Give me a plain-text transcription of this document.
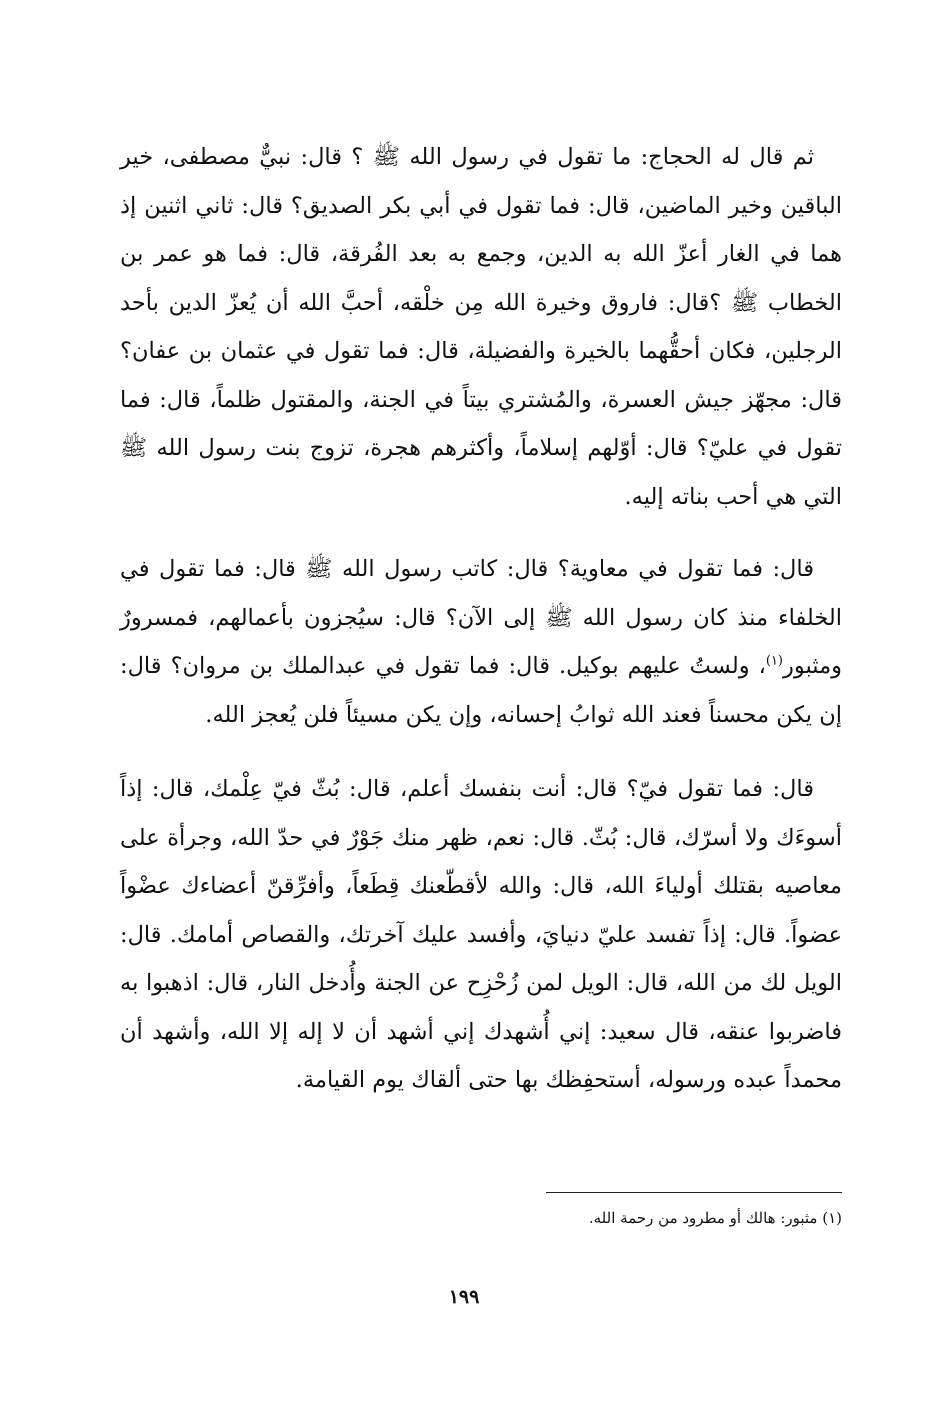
ثم قال له الحجاج: ما تقول في رسول الله ﷺ ؟ قال: نبيٌّ مصطفى، خير الباقين وخير الماضين، قال: فما تقول في أبي بكر الصديق؟ قال: ثاني اثنين إذ هما في الغار أعزّ الله به الدين، وجمع به بعد الفُرقة، قال: فما هو عمر بن الخطاب ﷺ ؟قال: فاروق وخيرة الله مِن خلْقه، أحبَّ الله أن يُعزّ الدين بأحد الرجلين، فكان أحقُّهما بالخيرة والفضيلة، قال: فما تقول في عثمان بن عفان؟ قال: مجهّز جيش العسرة، والمُشتري بيتاً في الجنة، والمقتول ظلماً، قال: فما تقول في عليّ؟ قال: أوّلهم إسلاماً، وأكثرهم هجرة، تزوج بنت رسول الله ﷺ التي هي أحب بناته إليه.

قال: فما تقول في معاوية؟ قال: كاتب رسول الله ﷺ قال: فما تقول في الخلفاء منذ كان رسول الله ﷺ إلى الآن؟ قال: سيُجزون بأعمالهم، فمسرورٌ ومثبور$^{(١)}$، ولستُ عليهم بوكيل. قال: فما تقول في عبدالملك بن مروان؟ قال: إن يكن محسناً فعند الله ثوابُ إحسانه، وإن يكن مسيئاً فلن يُعجز الله.

قال: فما تقول فيّ؟ قال: أنت بنفسك أعلم، قال: بُثّ فيّ عِلْمك، قال: إذاً أسوءَك ولا أسرّك، قال: بُثّ. قال: نعم، ظهر منك جَوْرٌ في حدّ الله، وجرأة على معاصيه بقتلك أولياءَ الله، قال: والله لأقطّعنك قِطَعاً، وأفرِّقنّ أعضاءك عضْواً عضواً. قال: إذاً تفسد عليّ دنيايَ، وأفسد عليك آخرتك، والقصاص أمامك. قال: الويل لك من الله، قال: الويل لمن زُحْزِح عن الجنة وأُدخل النار، قال: اذهبوا به فاضربوا عنقه، قال سعيد: إني أُشهدك إني أشهد أن لا إله إلا الله، وأشهد أن محمداً عبده ورسوله، أستحفِظك بها حتى ألقاك يوم القيامة.

(١) مثبور: هالك أو مطرود من رحمة الله.

١٩٩
